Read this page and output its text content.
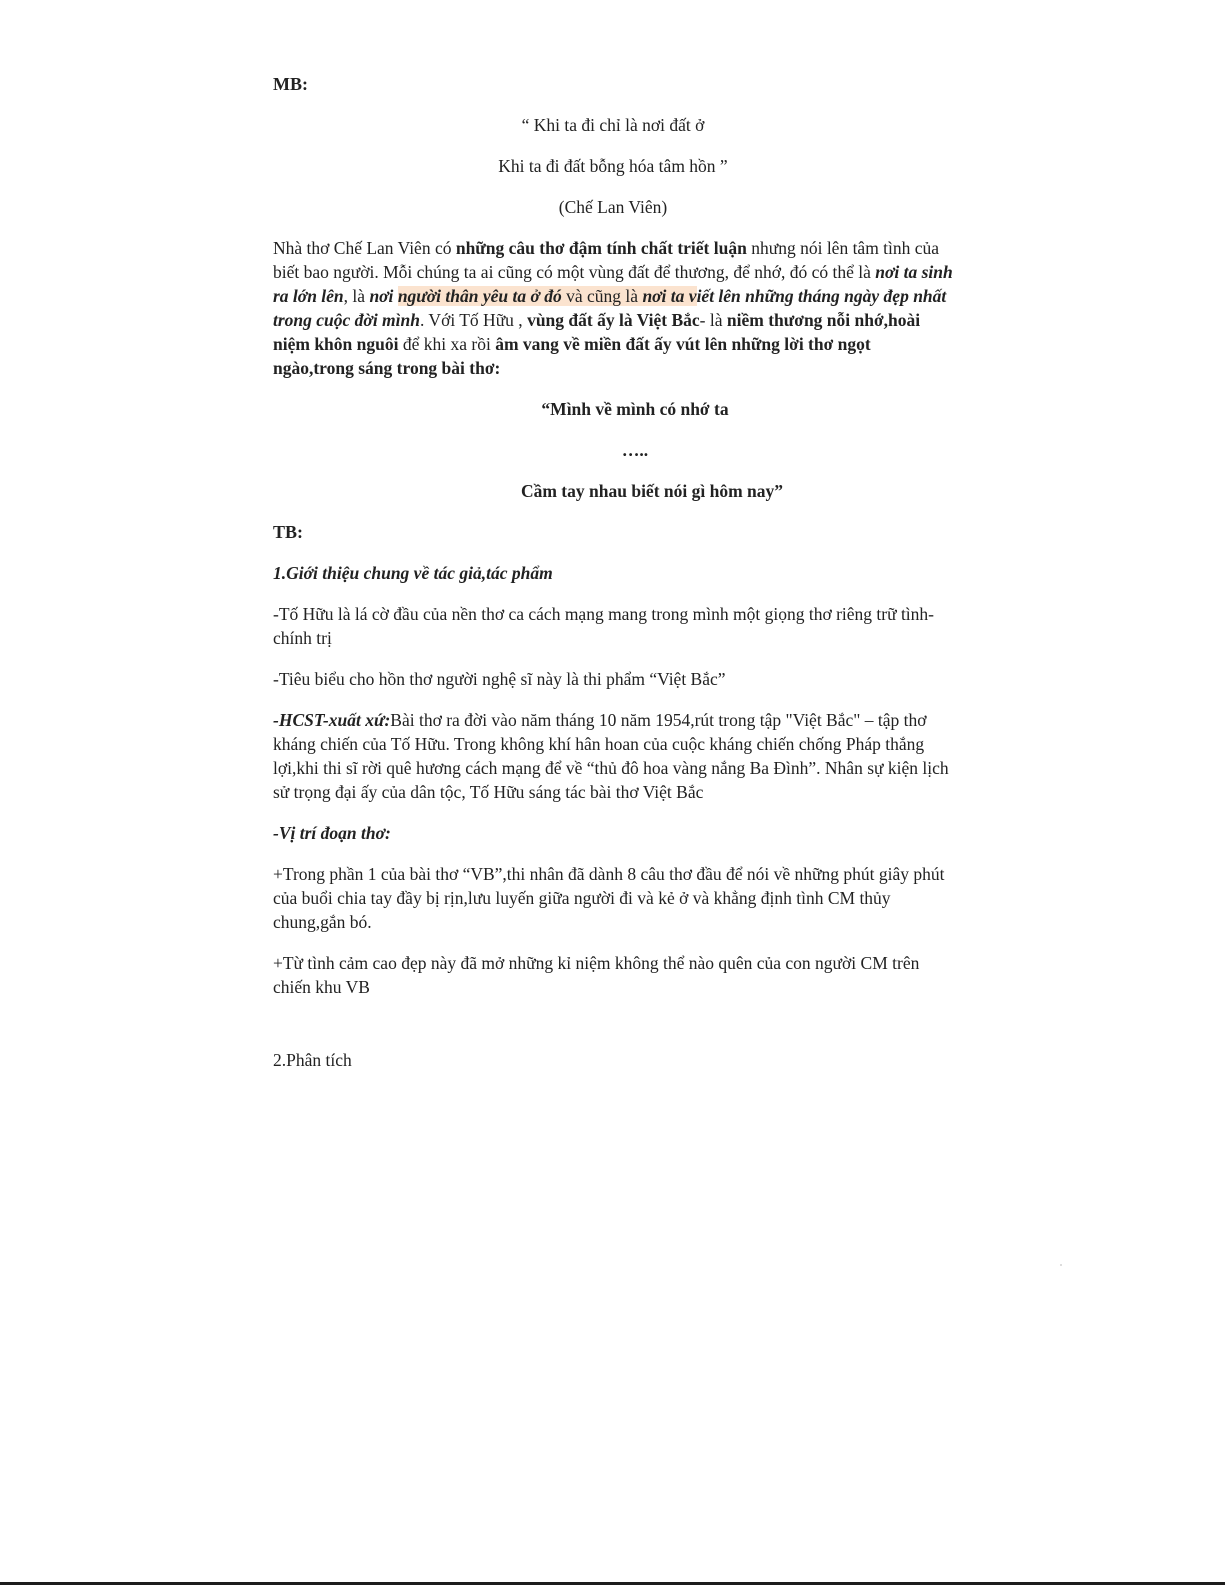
MB:

“ Khi ta đi chỉ là nơi đất ở

Khi ta đi đất bỗng hóa tâm hồn ”

(Chế Lan Viên)

Nhà thơ Chế Lan Viên có những câu thơ đậm tính chất triết luận nhưng nói lên tâm tình của biết bao người. Mỗi chúng ta ai cũng có một vùng đất để thương, để nhớ, đó có thể là nơi ta sinh ra lớn lên, là nơi người thân yêu ta ở đó và cũng là nơi ta viết lên những tháng ngày đẹp nhất trong cuộc đời mình. Với Tố Hữu , vùng đất ấy là Việt Bắc- là niềm thương nỗi nhớ,hoài niệm khôn nguôi để khi xa rồi âm vang về miền đất ấy vút lên những lời thơ ngọt ngào,trong sáng trong bài thơ:

“Mình về mình có nhớ ta

…..

Cầm tay nhau biết nói gì hôm nay”

TB:

1.Giới thiệu chung về tác giả,tác phẩm

-Tố Hữu là lá cờ đầu của nền thơ ca cách mạng mang trong mình một giọng thơ riêng trữ tình-chính trị

-Tiêu biểu cho hồn thơ người nghệ sĩ này là thi phẩm “Việt Bắc”

-HCST-xuất xứ:Bài thơ ra đời vào năm tháng 10 năm 1954,rút trong tập "Việt Bắc" – tập thơ kháng chiến của Tố Hữu. Trong không khí hân hoan của cuộc kháng chiến chống Pháp thắng lợi,khi thi sĩ rời quê hương cách mạng để về “thủ đô hoa vàng nắng Ba Đình”. Nhân sự kiện lịch sử trọng đại ấy của dân tộc, Tố Hữu sáng tác bài thơ Việt Bắc

-Vị trí đoạn thơ:

+Trong phần 1 của bài thơ “VB”,thi nhân đã dành 8 câu thơ đầu để nói về những phút giây phút của buổi chia tay đầy bị rịn,lưu luyến giữa người đi và kẻ ở và khẳng định tình CM thủy chung,gắn bó.

+Từ tình cảm cao đẹp này đã mở những kỉ niệm không thể nào quên của con người CM trên chiến khu VB

2.Phân tích
